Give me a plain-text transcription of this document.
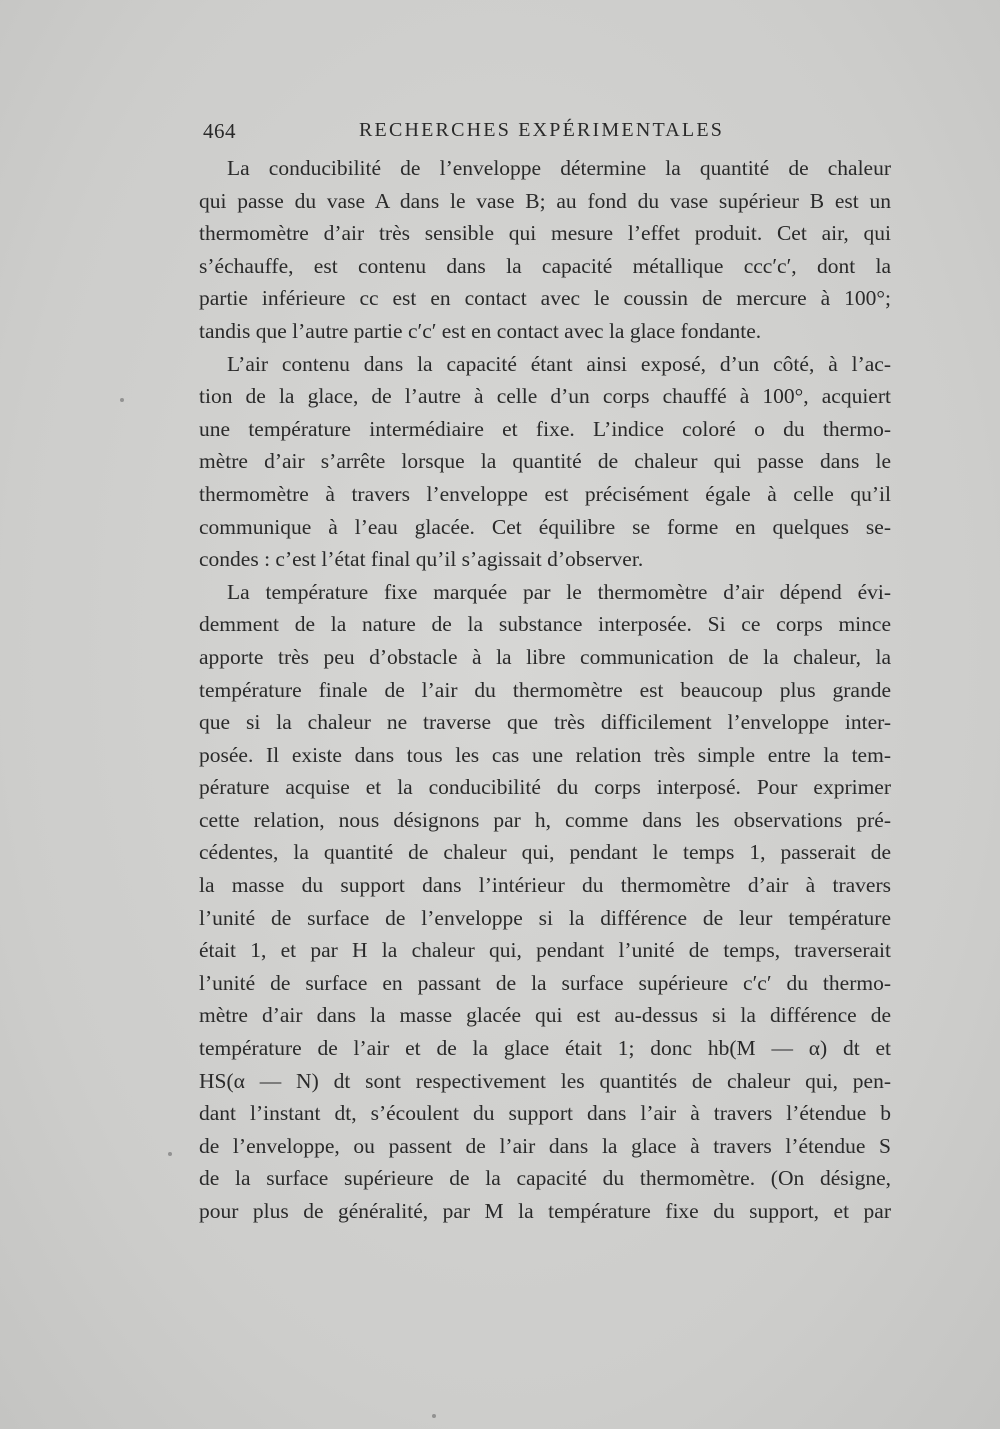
464	RECHERCHES EXPÉRIMENTALES
La conducibilité de l’enveloppe détermine la quantité de chaleur
qui passe du vase A dans le vase B; au fond du vase supérieur B est un
thermomètre d’air très sensible qui mesure l’effet produit. Cet air, qui
s’échauffe, est contenu dans la capacité métallique ccc′c′, dont la
partie inférieure cc est en contact avec le coussin de mercure à 100°;
tandis que l’autre partie c′c′ est en contact avec la glace fondante.
L’air contenu dans la capacité étant ainsi exposé, d’un côté, à l’ac-
tion de la glace, de l’autre à celle d’un corps chauffé à 100°, acquiert
une température intermédiaire et fixe. L’indice coloré o du thermo-
mètre d’air s’arrête lorsque la quantité de chaleur qui passe dans le
thermomètre à travers l’enveloppe est précisément égale à celle qu’il
communique à l’eau glacée. Cet équilibre se forme en quelques se-
condes : c’est l’état final qu’il s’agissait d’observer.
La température fixe marquée par le thermomètre d’air dépend évi-
demment de la nature de la substance interposée. Si ce corps mince
apporte très peu d’obstacle à la libre communication de la chaleur, la
température finale de l’air du thermomètre est beaucoup plus grande
que si la chaleur ne traverse que très difficilement l’enveloppe inter-
posée. Il existe dans tous les cas une relation très simple entre la tem-
pérature acquise et la conducibilité du corps interposé. Pour exprimer
cette relation, nous désignons par h, comme dans les observations pré-
cédentes, la quantité de chaleur qui, pendant le temps 1, passerait de
la masse du support dans l’intérieur du thermomètre d’air à travers
l’unité de surface de l’enveloppe si la différence de leur température
était 1, et par H la chaleur qui, pendant l’unité de temps, traverserait
l’unité de surface en passant de la surface supérieure c′c′ du thermo-
mètre d’air dans la masse glacée qui est au-dessus si la différence de
température de l’air et de la glace était 1; donc hb(M — α) dt et
HS(α — N) dt sont respectivement les quantités de chaleur qui, pen-
dant l’instant dt, s’écoulent du support dans l’air à travers l’étendue b
de l’enveloppe, ou passent de l’air dans la glace à travers l’étendue S
de la surface supérieure de la capacité du thermomètre. (On désigne,
pour plus de généralité, par M la température fixe du support, et par
